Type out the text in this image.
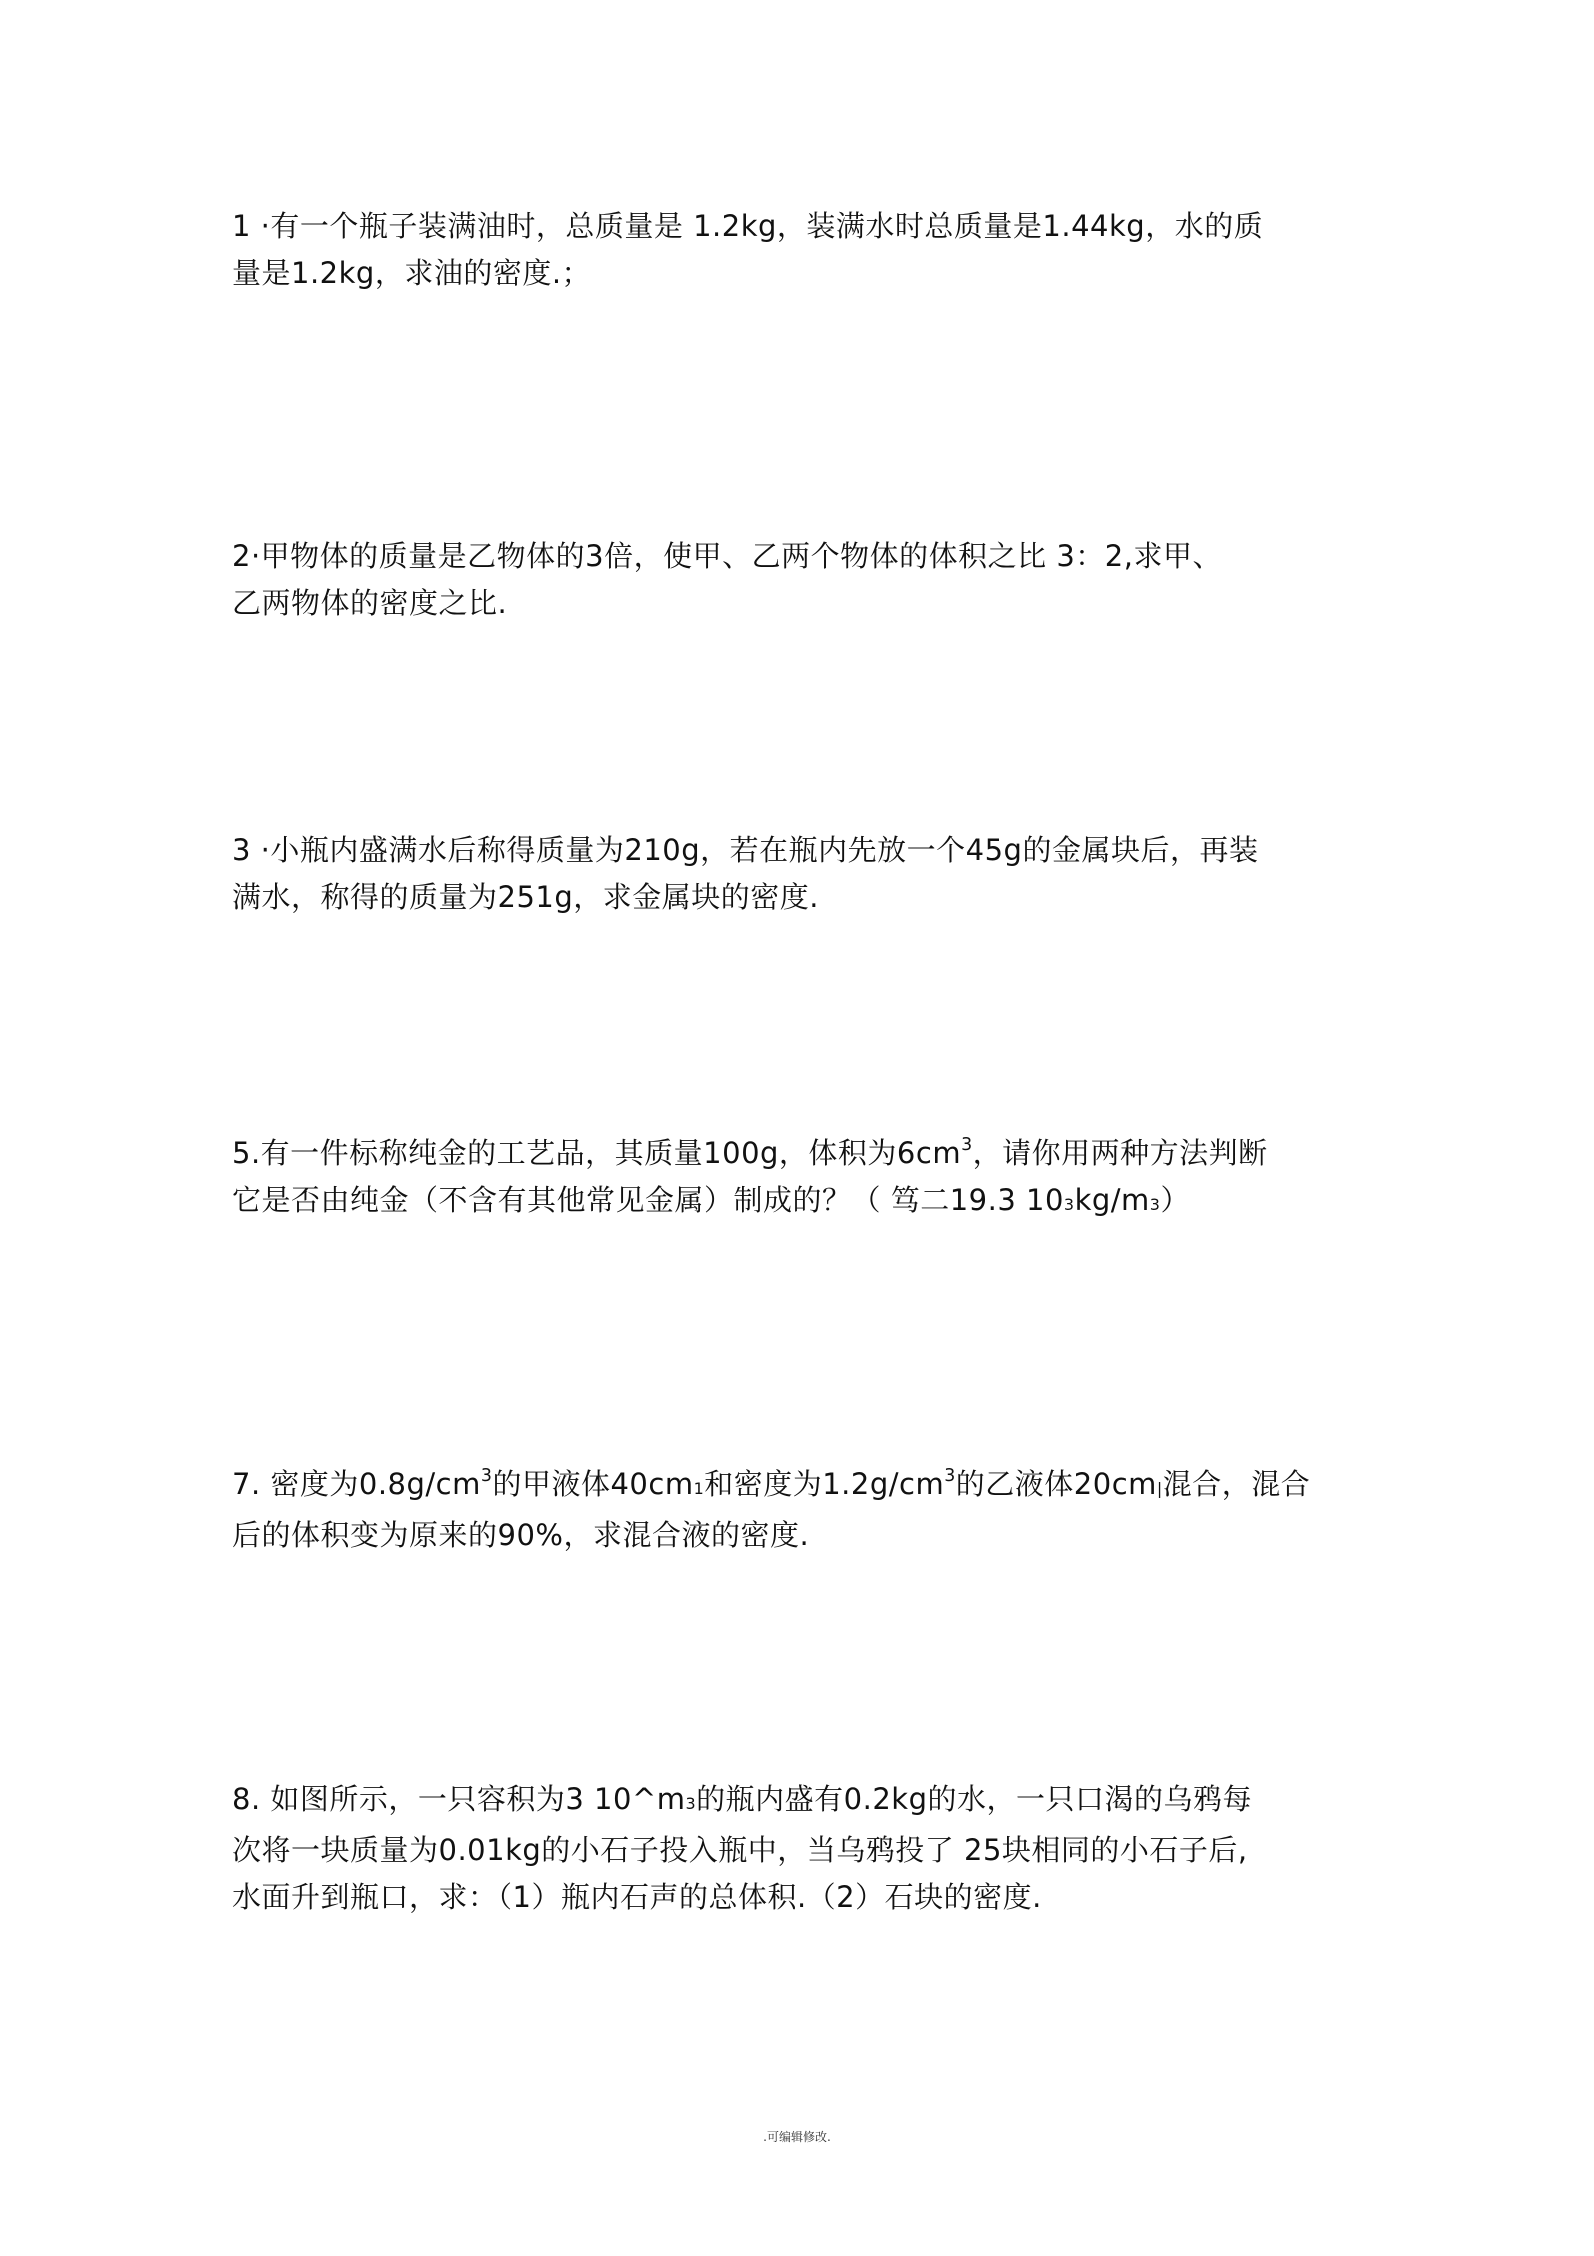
1 ·有一个瓶子装满油时，总质量是 1.2kg，装满水时总质量是1.44kg，水的质

量是1.2kg，求油的密度.；

2·甲物体的质量是乙物体的3倍，使甲、乙两个物体的体积之比 3：2,求甲、

乙两物体的密度之比.

3 ·小瓶内盛满水后称得质量为210g，若在瓶内先放一个45g的金属块后，再装

满水，称得的质量为251g，求金属块的密度.

5.有一件标称纯金的工艺品，其质量100g，体积为$6cm^3$，请你用两种方法判断

它是否由纯金（不含有其他常见金属）制成的？（ 笃二19.3 103kg/m3）

7. 密度为$0.8g/cm^3$的甲液体40cm1和密度为$1.2g/cm^3$的乙液体20cm|混合，混合

后的体积变为原来的90%，求混合液的密度.

8. 如图所示，一只容积为3 10^m3的瓶内盛有0.2kg的水，一只口渴的乌鸦每

次将一块质量为0.01kg的小石子投入瓶中，当乌鸦投了 25块相同的小石子后,

水面升到瓶口，求：（1）瓶内石声的总体积.（2）石块的密度.

.可编辑修改.
